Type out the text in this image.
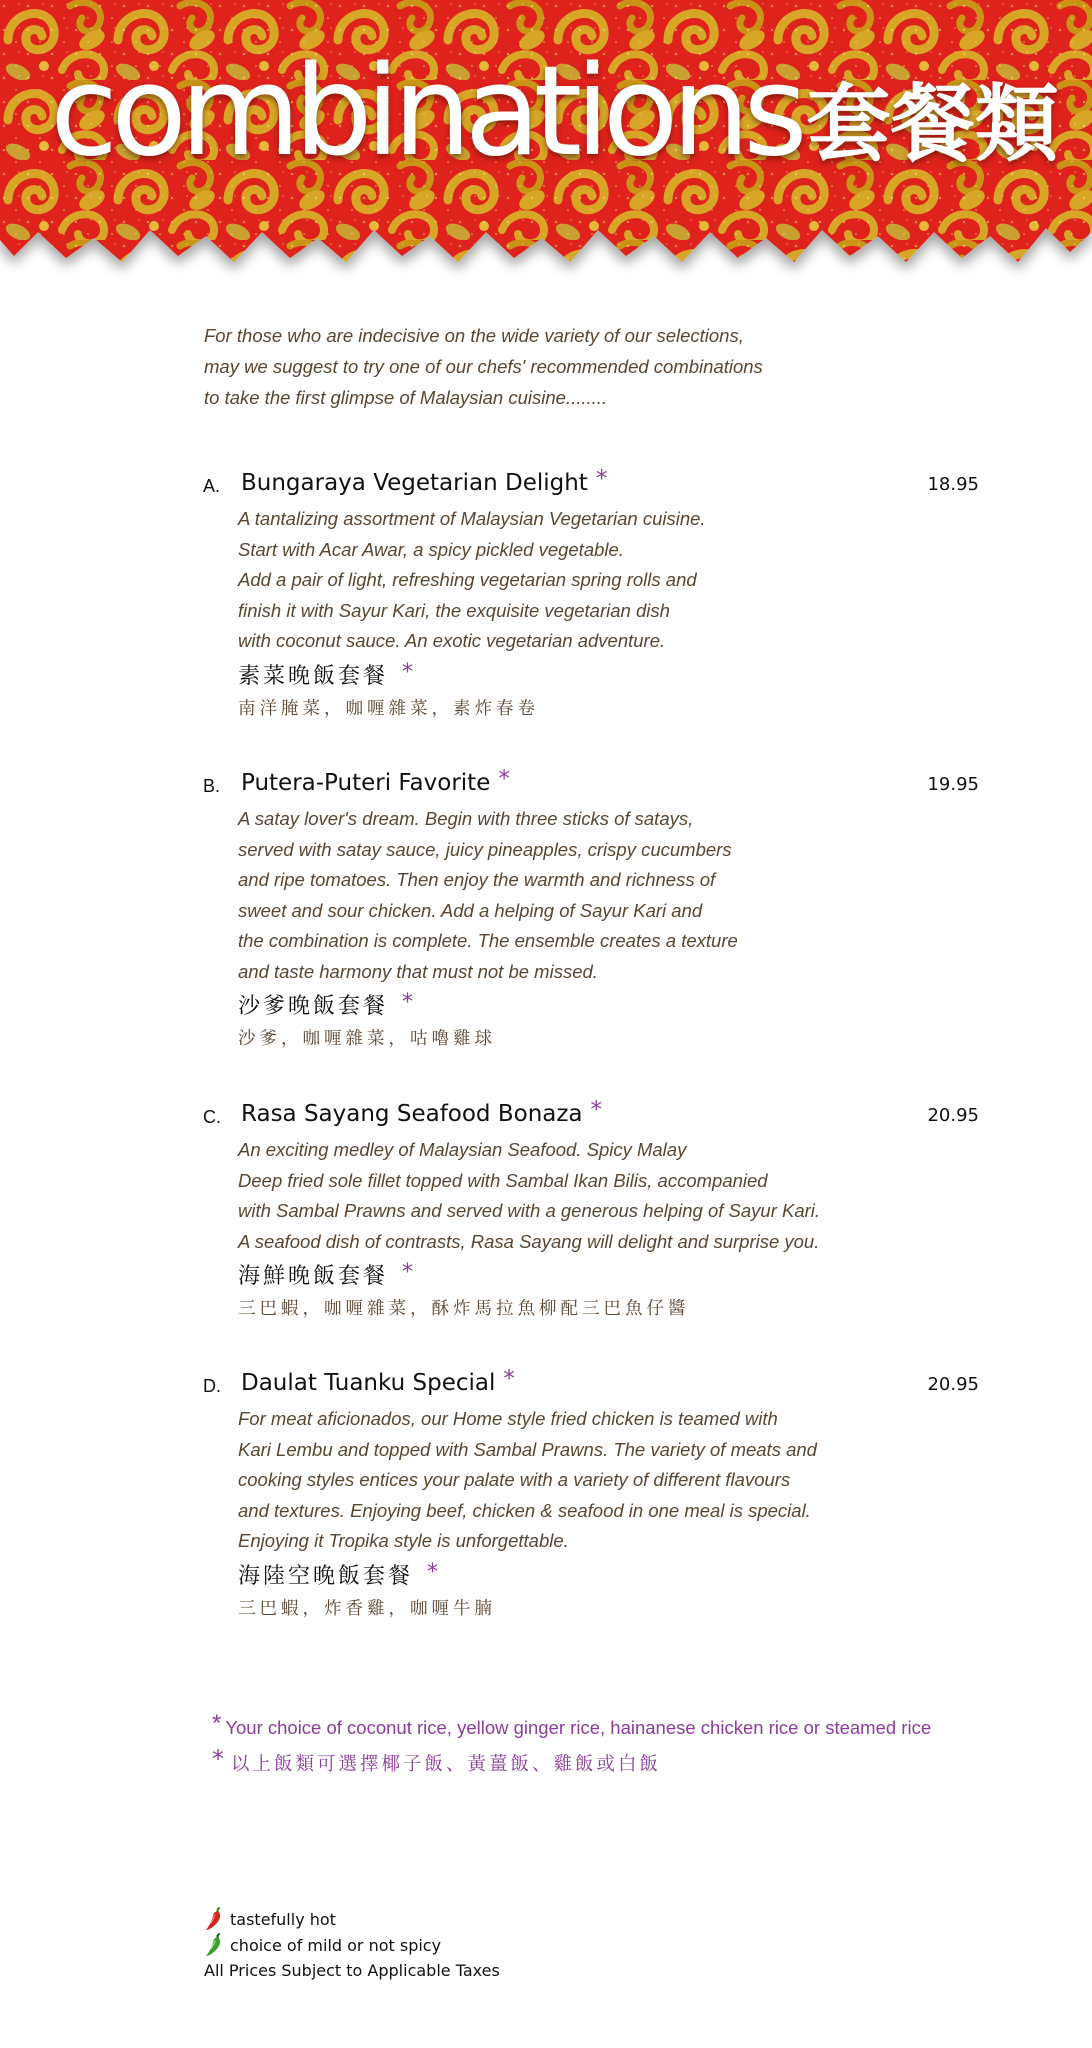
combinations 套餐類

For those who are indecisive on the wide variety of our selections,

may we suggest to try one of our chefs' recommended combinations

to take the first glimpse of Malaysian cuisine........

A. Bungaraya Vegetarian Delight *	18.95

A tantalizing assortment of Malaysian Vegetarian cuisine.

Start with Acar Awar, a spicy pickled vegetable.

Add a pair of light, refreshing vegetarian spring rolls and

finish it with Sayur Kari, the exquisite vegetarian dish

with coconut sauce. An exotic vegetarian adventure.

素菜晚飯套餐 *

南洋腌菜，咖喱雜菜，素炸春卷

B. Putera-Puteri Favorite *	19.95

A satay lover's dream. Begin with three sticks of satays,

served with satay sauce, juicy pineapples, crispy cucumbers

and ripe tomatoes. Then enjoy the warmth and richness of

sweet and sour chicken. Add a helping of Sayur Kari and

the combination is complete. The ensemble creates a texture

and taste harmony that must not be missed.

沙爹晚飯套餐 *

沙爹，咖喱雜菜，咕嚕雞球

C. Rasa Sayang Seafood Bonaza *	20.95

An exciting medley of Malaysian Seafood. Spicy Malay

Deep fried sole fillet topped with Sambal Ikan Bilis, accompanied

with Sambal Prawns and served with a generous helping of Sayur Kari.

A seafood dish of contrasts, Rasa Sayang will delight and surprise you.

海鮮晚飯套餐 *

三巴蝦，咖喱雜菜，酥炸馬拉魚柳配三巴魚仔醬

D. Daulat Tuanku Special *	20.95

For meat aficionados, our Home style fried chicken is teamed with

Kari Lembu and topped with Sambal Prawns. The variety of meats and

cooking styles entices your palate with a variety of different flavours

and textures. Enjoying beef, chicken & seafood in one meal is special.

Enjoying it Tropika style is unforgettable.

海陸空晚飯套餐 *

三巴蝦，炸香雞，咖喱牛腩

* Your choice of coconut rice, yellow ginger rice, hainanese chicken rice or steamed rice
* 以上飯類可選擇椰子飯、黃薑飯、雞飯或白飯
tastefully hot
choice of mild or not spicy
All Prices Subject to Applicable Taxes
